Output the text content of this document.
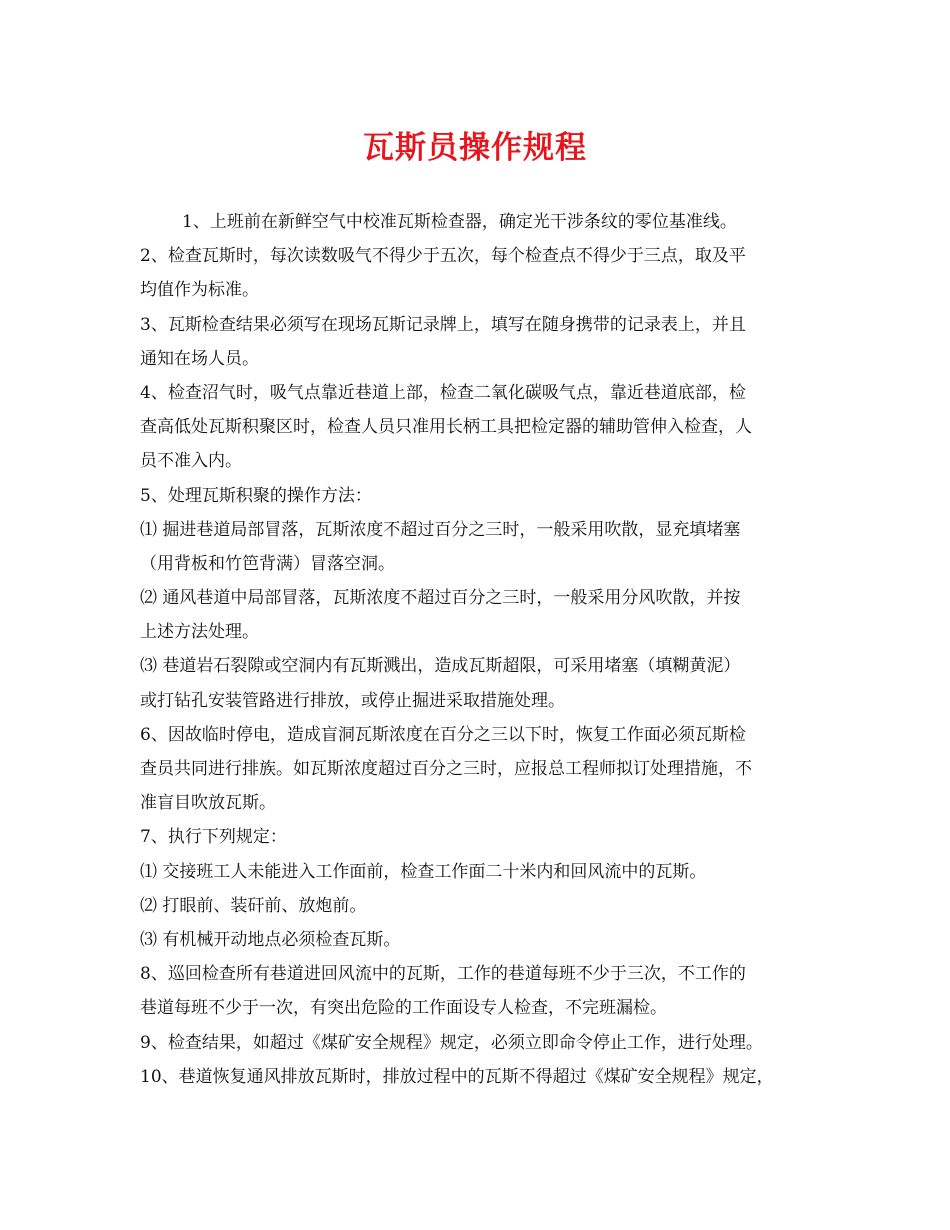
瓦斯员操作规程
1、上班前在新鲜空气中校准瓦斯检查器，确定光干涉条纹的零位基准线。
2、检查瓦斯时，每次读数吸气不得少于五次，每个检查点不得少于三点，取及平
均值作为标准。
3、瓦斯检查结果必须写在现场瓦斯记录牌上，填写在随身携带的记录表上，并且
通知在场人员。
4、检查沼气时，吸气点靠近巷道上部，检查二氧化碳吸气点，靠近巷道底部，检
查高低处瓦斯积聚区时，检查人员只准用长柄工具把检定器的辅助管伸入检查，人
员不准入内。
5、处理瓦斯积聚的操作方法：
⑴ 掘进巷道局部冒落，瓦斯浓度不超过百分之三时，一般采用吹散，显充填堵塞
（用背板和竹笆背满）冒落空洞。
⑵ 通风巷道中局部冒落，瓦斯浓度不超过百分之三时，一般采用分风吹散，并按
上述方法处理。
⑶ 巷道岩石裂隙或空洞内有瓦斯溅出，造成瓦斯超限，可采用堵塞（填糊黄泥）
或打钻孔安装管路进行排放，或停止掘进采取措施处理。
6、因故临时停电，造成盲洞瓦斯浓度在百分之三以下时，恢复工作面必须瓦斯检
查员共同进行排族。如瓦斯浓度超过百分之三时，应报总工程师拟订处理措施，不
准盲目吹放瓦斯。
7、执行下列规定：
⑴ 交接班工人未能进入工作面前，检查工作面二十米内和回风流中的瓦斯。
⑵ 打眼前、装矸前、放炮前。
⑶ 有机械开动地点必须检查瓦斯。
8、巡回检查所有巷道进回风流中的瓦斯，工作的巷道每班不少于三次，不工作的
巷道每班不少于一次，有突出危险的工作面设专人检查，不完班漏检。
9、检查结果，如超过《煤矿安全规程》规定，必须立即命令停止工作，进行处理。
10、巷道恢复通风排放瓦斯时，排放过程中的瓦斯不得超过《煤矿安全规程》规定，
